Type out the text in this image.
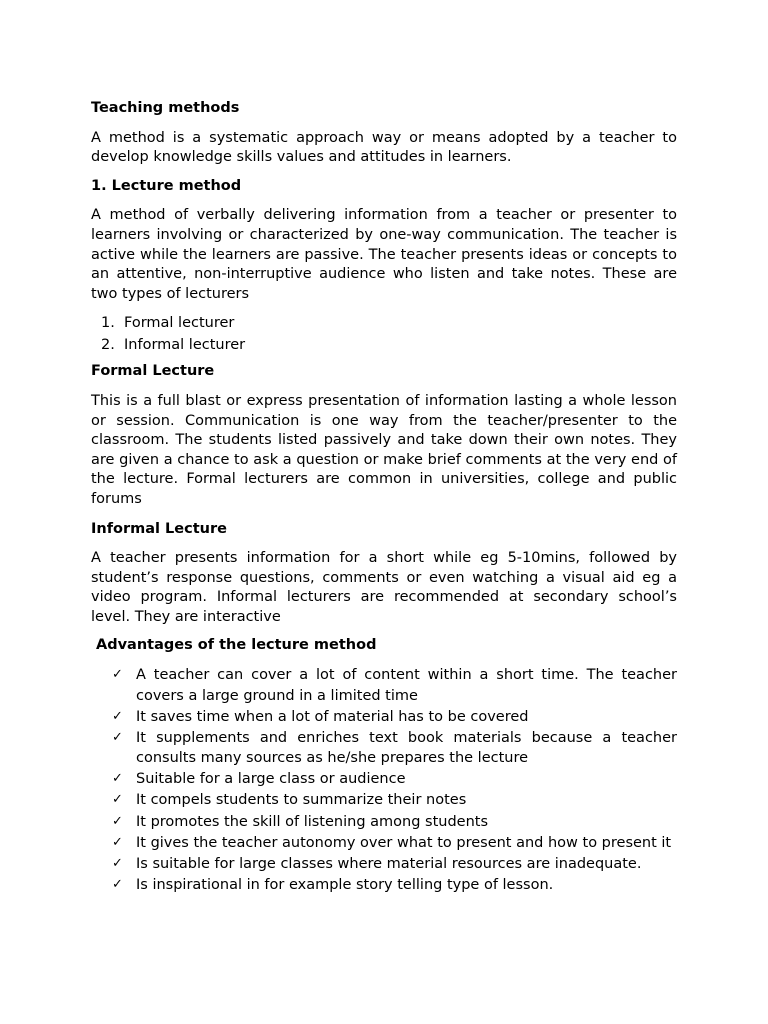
Teaching methods

A method is a systematic approach way or means adopted by a teacher to develop knowledge skills values and attitudes in learners.

1. Lecture method

A method of verbally delivering information from a teacher or presenter to learners involving or characterized by one-way communication. The teacher is active while the learners are passive. The teacher presents ideas or concepts to an attentive, non-interruptive audience who listen and take notes. These are two types of lecturers

1. Formal lecturer
2. Informal lecturer
Formal Lecture

This is a full blast or express presentation of information lasting a whole lesson or session. Communication is one way from the teacher/presenter to the classroom. The students listed passively and take down their own notes. They are given a chance to ask a question or make brief comments at the very end of the lecture. Formal lecturers are common in universities, college and public forums

Informal Lecture

A teacher presents information for a short while eg 5-10mins, followed by student’s response questions, comments or even watching a visual aid eg a video program. Informal lecturers are recommended at secondary school’s level. They are interactive

Advantages of the lecture method
✓ A teacher can cover a lot of content within a short time. The teacher covers a large ground in a limited time
✓ It saves time when a lot of material has to be covered
✓ It supplements and enriches text book materials because a teacher consults many sources as he/she prepares the lecture
✓ Suitable for a large class or audience
✓ It compels students to summarize their notes
✓ It promotes the skill of listening among students
✓ It gives the teacher autonomy over what to present and how to present it
✓ Is suitable for large classes where material resources are inadequate.
✓ Is inspirational in for example story telling type of lesson.
